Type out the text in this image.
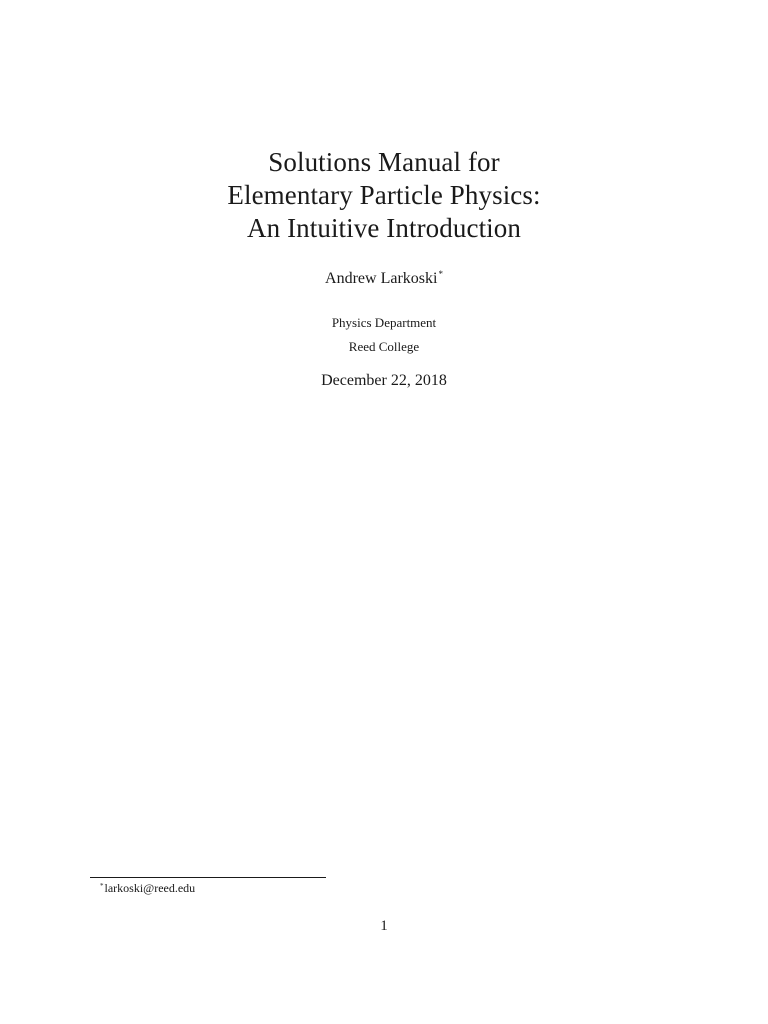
Solutions Manual for
Elementary Particle Physics:
An Intuitive Introduction
Andrew Larkoski*
Physics Department
Reed College
December 22, 2018
*larkoski@reed.edu
1
